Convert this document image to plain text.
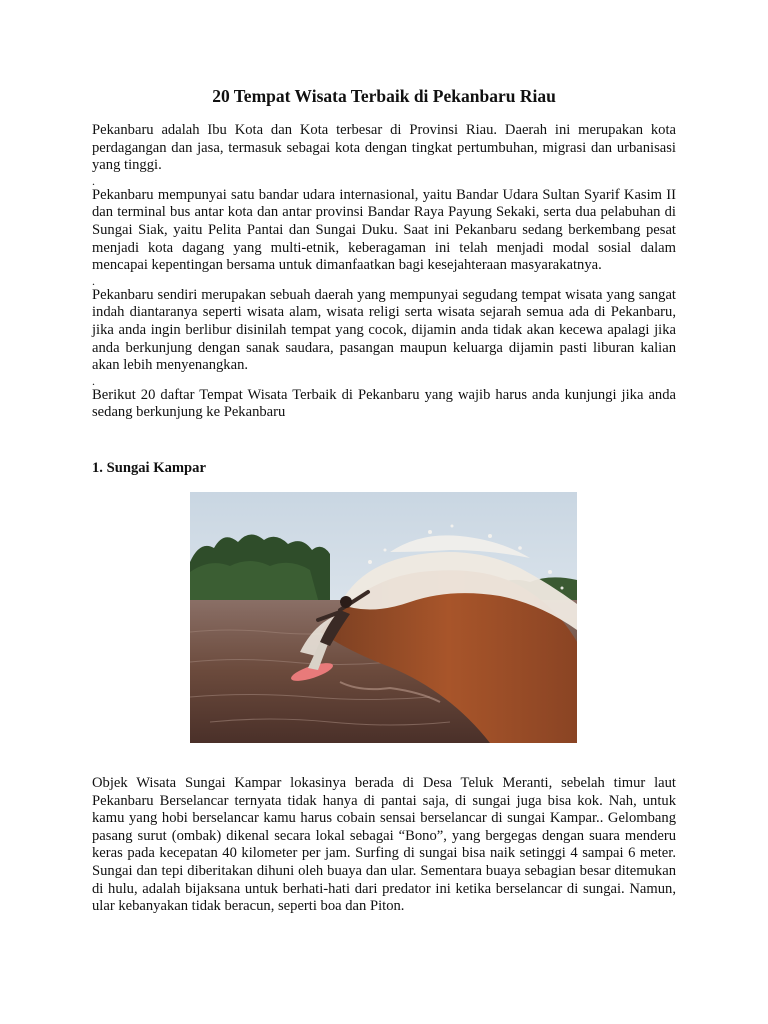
20 Tempat Wisata Terbaik di Pekanbaru Riau

Pekanbaru adalah Ibu Kota dan Kota terbesar di Provinsi Riau. Daerah ini merupakan kota perdagangan dan jasa, termasuk sebagai kota dengan tingkat pertumbuhan, migrasi dan urbanisasi yang tinggi.

.

Pekanbaru mempunyai satu bandar udara internasional, yaitu Bandar Udara Sultan Syarif Kasim II dan terminal bus antar kota dan antar provinsi Bandar Raya Payung Sekaki, serta dua pelabuhan di Sungai Siak, yaitu Pelita Pantai dan Sungai Duku. Saat ini Pekanbaru sedang berkembang pesat menjadi kota dagang yang multi-etnik, keberagaman ini telah menjadi modal sosial dalam mencapai kepentingan bersama untuk dimanfaatkan bagi kesejahteraan masyarakatnya.

.

Pekanbaru sendiri merupakan sebuah daerah yang mempunyai segudang tempat wisata yang sangat indah diantaranya seperti wisata alam, wisata religi serta wisata sejarah semua ada di Pekanbaru, jika anda ingin berlibur disinilah tempat yang cocok, dijamin anda tidak akan kecewa apalagi jika anda berkunjung dengan sanak saudara, pasangan maupun keluarga dijamin pasti liburan kalian akan lebih menyenangkan.

.

Berikut 20 daftar Tempat Wisata Terbaik di Pekanbaru yang wajib harus anda kunjungi jika anda sedang berkunjung ke Pekanbaru

1. Sungai Kampar

Objek Wisata Sungai Kampar lokasinya berada di Desa Teluk Meranti, sebelah timur laut Pekanbaru Berselancar ternyata tidak hanya di pantai saja, di sungai juga bisa kok. Nah, untuk kamu yang hobi berselancar kamu harus cobain sensai berselancar di sungai Kampar.. Gelombang pasang surut (ombak) dikenal secara lokal sebagai “Bono”, yang bergegas dengan suara menderu keras pada kecepatan 40 kilometer per jam. Surfing di sungai bisa naik setinggi 4 sampai 6 meter. Sungai dan tepi diberitakan dihuni oleh buaya dan ular. Sementara buaya sebagian besar ditemukan di hulu, adalah bijaksana untuk berhati-hati dari predator ini ketika berselancar di sungai. Namun, ular kebanyakan tidak beracun, seperti boa dan Piton.
